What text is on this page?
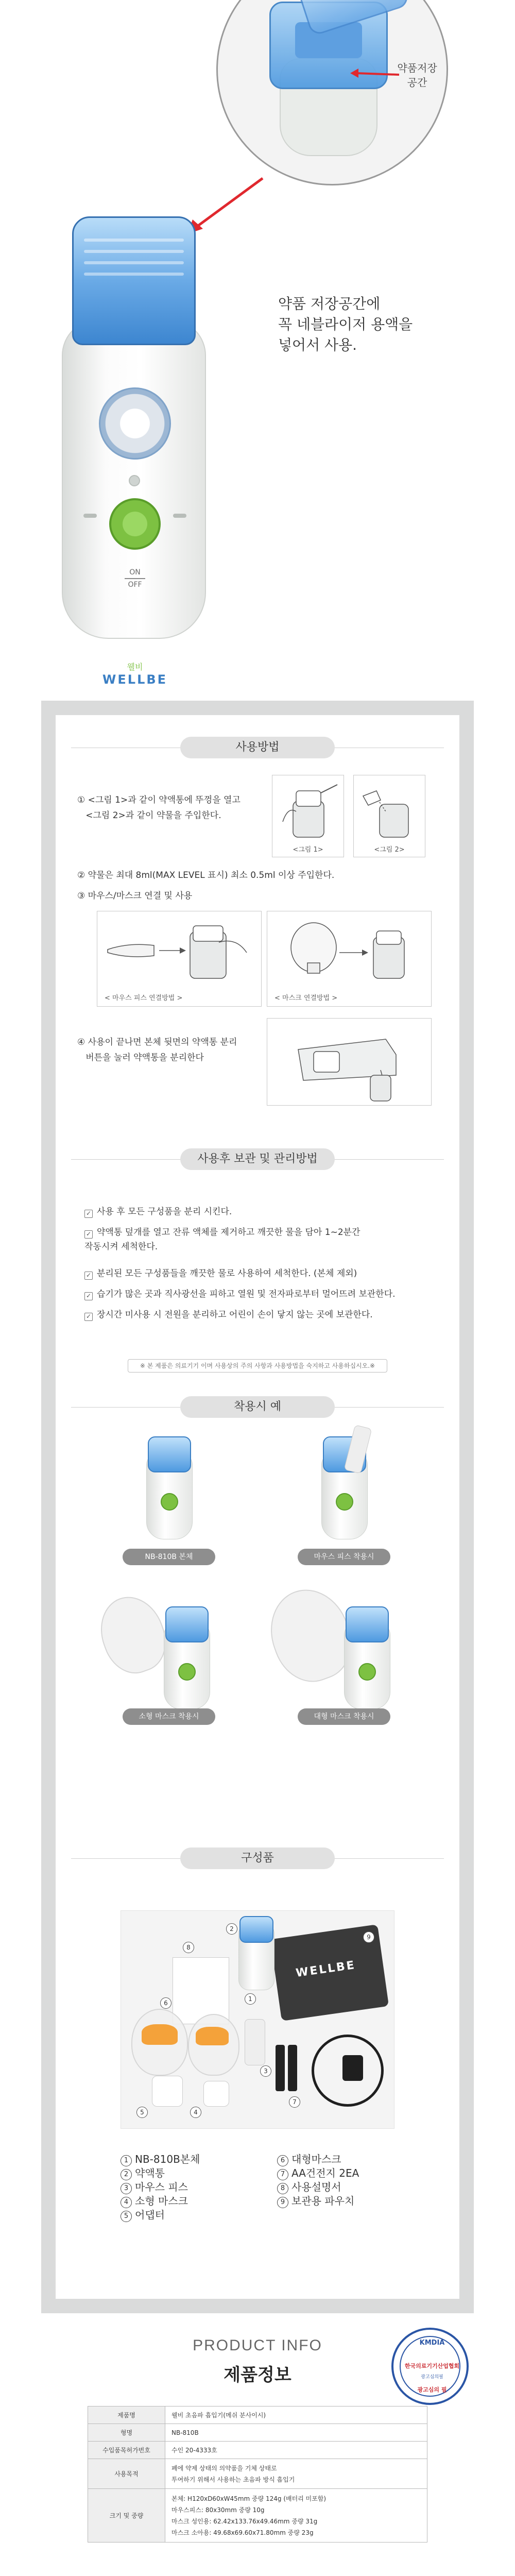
약품저장
공간
ON
OFF
웰비
WELLBE
약품 저장공간에
꼭 네블라이저 용액을
넣어서 사용.
사용방법
① <그림 1>과 같이 약액통에 뚜껑을 열고
<그림 2>과 같이 약물을 주입한다.
<그림 1>	<그림 2>
② 약물은 최대 8ml(MAX LEVEL 표시) 최소 0.5ml 이상 주입한다.
③ 마우스/마스크 연결 및 사용
< 마우스 피스 연결방법 >	< 마스크 연결방법 >
④ 사용이 끝나면 본체 뒷면의 약액통 분리
버튼을 눌러 약액통을 분리한다
사용후 보관 및 관리방법
✓ 사용 후 모든 구성품을 분리 시킨다.
✓ 약액통 덮개를 열고 잔류 액체를 제거하고 깨끗한 물을 담아 1~2분간
작동시켜 세척한다.
✓ 분리된 모든 구성품들을 깨끗한 물로 사용하여 세척한다. (본체 제외)
✓ 습기가 많은 곳과 직사광선을 피하고 열원 및 전자파로부터 멀어뜨려 보관한다.
✓ 장시간 미사용 시 전원을 분리하고 어린이 손이 닿지 않는 곳에 보관한다.
※ 본 제품은 의료기기 이며 사용상의 주의 사항과 사용방법을 숙지하고 사용하십시오.※
착용시 예
NB-810B 본체	마우스 피스 착용시
소형 마스크 착용시	대형 마스크 착용시
구성품
WELLBE
1
2
3
4
5
6
7
8
9
1 NB-810B본체
2 약액통
3 마우스 피스
4 소형 마스크
5 어댑터
6 대형마스크
7 AA건전지 2EA
8 사용설명서
9 보관용 파우치
PRODUCT INFO
제품정보
KMDIA
한국의료기기산업협회
광고심의필
광고심의 필
제품명	웰비 초음파 흡입기(메쉬 분사이시)
형명	NB-810B
수입품목허가번호	수인 20-4333호
사용목적	폐에 약제 상태의 의약품을 기체 상태로
투여하기 위해서 사용하는 초음파 방식 흡입기
크기 및 중량	본체: H120xD60xW45mm 중량 124g (배터리 미포함)
마우스피스: 80x30mm 중량 10g
마스크 성인용: 62.42x133.76x49.46mm 중량 31g
마스크 소아용: 49.68x69.60x71.80mm 중량 23g
